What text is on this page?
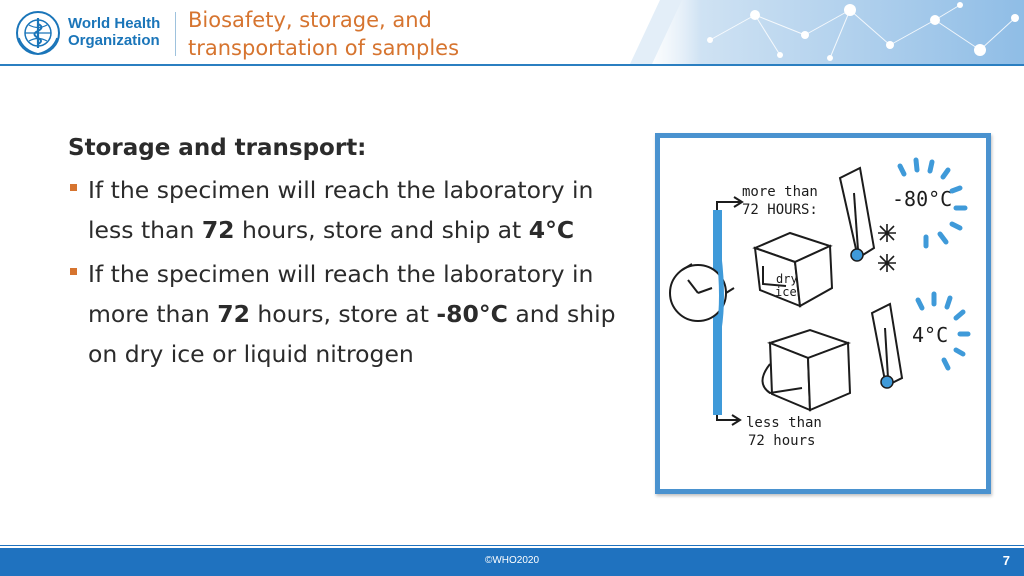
World Health
Organization
Biosafety, storage, and
transportation of samples
Storage and transport:
If the specimen will reach the laboratory in less than 72 hours, store and ship at 4°C
If the specimen will reach the laboratory in more than 72 hours, store at -80°C and ship on dry ice or liquid nitrogen
more than
72 HOURS:
less than
72 hours
dry
ice
-80°C
4°C
©WHO2020	7
